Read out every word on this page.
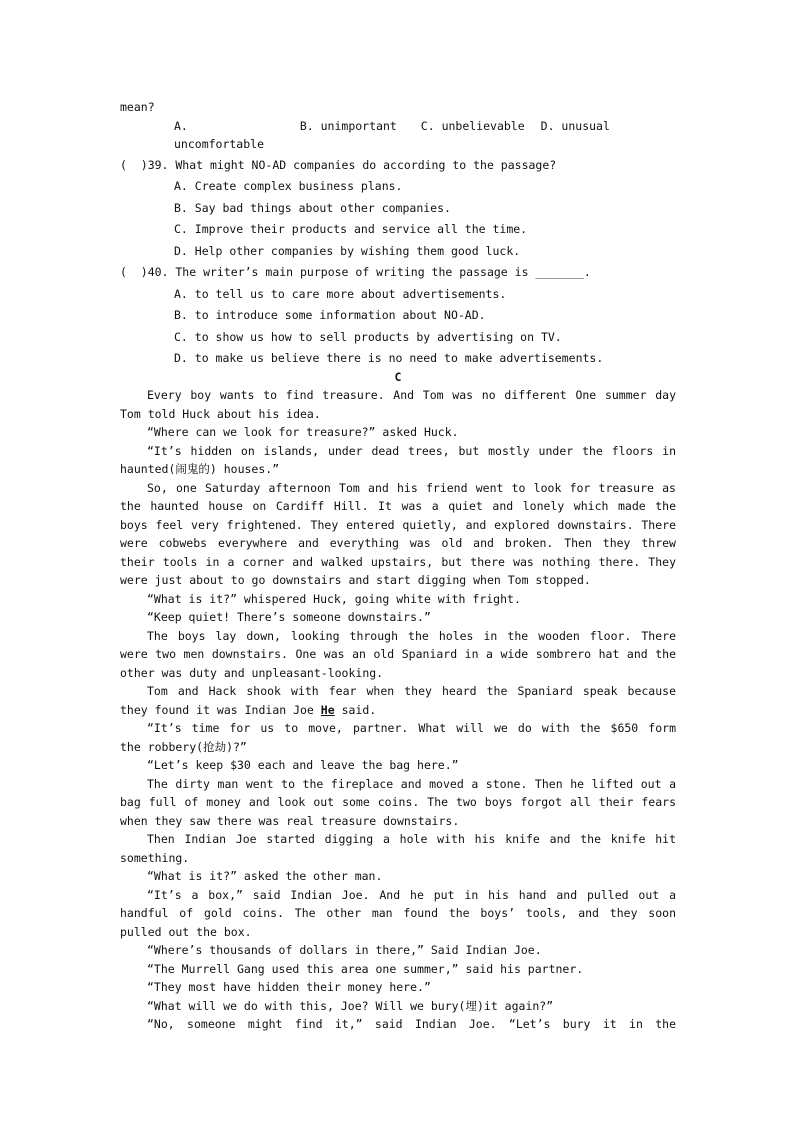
mean?
A.	B. unimportant C. unbelievable D. unusual
uncomfortable
(  )39. What might NO-AD companies do according to the passage?
A. Create complex business plans.
B. Say bad things about other companies.
C. Improve their products and service all the time.
D. Help other companies by wishing them good luck.
(  )40. The writer’s main purpose of writing the passage is _______.
A. to tell us to care more about advertisements.
B. to introduce some information about NO-AD.
C. to show us how to sell products by advertising on TV.
D. to make us believe there is no need to make advertisements.
C
Every boy wants to find treasure. And Tom was no different One summer day
Tom told Huck about his idea.
“Where can we look for treasure?” asked Huck.
“It’s hidden on islands, under dead trees, but mostly under the floors in
haunted(闹鬼的) houses.”
So, one Saturday afternoon Tom and his friend went to look for treasure as
the haunted house on Cardiff Hill. It was a quiet and lonely which made the
boys feel very frightened. They entered quietly, and explored downstairs. There
were cobwebs everywhere and everything was old and broken. Then they threw
their tools in a corner and walked upstairs, but there was nothing there. They
were just about to go downstairs and start digging when Tom stopped.
“What is it?” whispered Huck, going white with fright.
“Keep quiet! There’s someone downstairs.”
The boys lay down, looking through the holes in the wooden floor. There
were two men downstairs. One was an old Spaniard in a wide sombrero hat and the
other was duty and unpleasant-looking.
Tom and Hack shook with fear when they heard the Spaniard speak because
they found it was Indian Joe He said.
“It’s time for us to move, partner. What will we do with the $650 form
the robbery(抢劫)?”
“Let’s keep $30 each and leave the bag here.”
The dirty man went to the fireplace and moved a stone. Then he lifted out a
bag full of money and look out some coins. The two boys forgot all their fears
when they saw there was real treasure downstairs.
Then Indian Joe started digging a hole with his knife and the knife hit
something.
“What is it?” asked the other man.
“It’s a box,” said Indian Joe. And he put in his hand and pulled out a
handful of gold coins. The other man found the boys’ tools, and they soon
pulled out the box.
“Where’s thousands of dollars in there,” Said Indian Joe.
“The Murrell Gang used this area one summer,” said his partner.
“They most have hidden their money here.”
“What will we do with this, Joe? Will we bury(埋)it again?”
“No, someone might find it,” said Indian Joe. “Let’s bury it in the
